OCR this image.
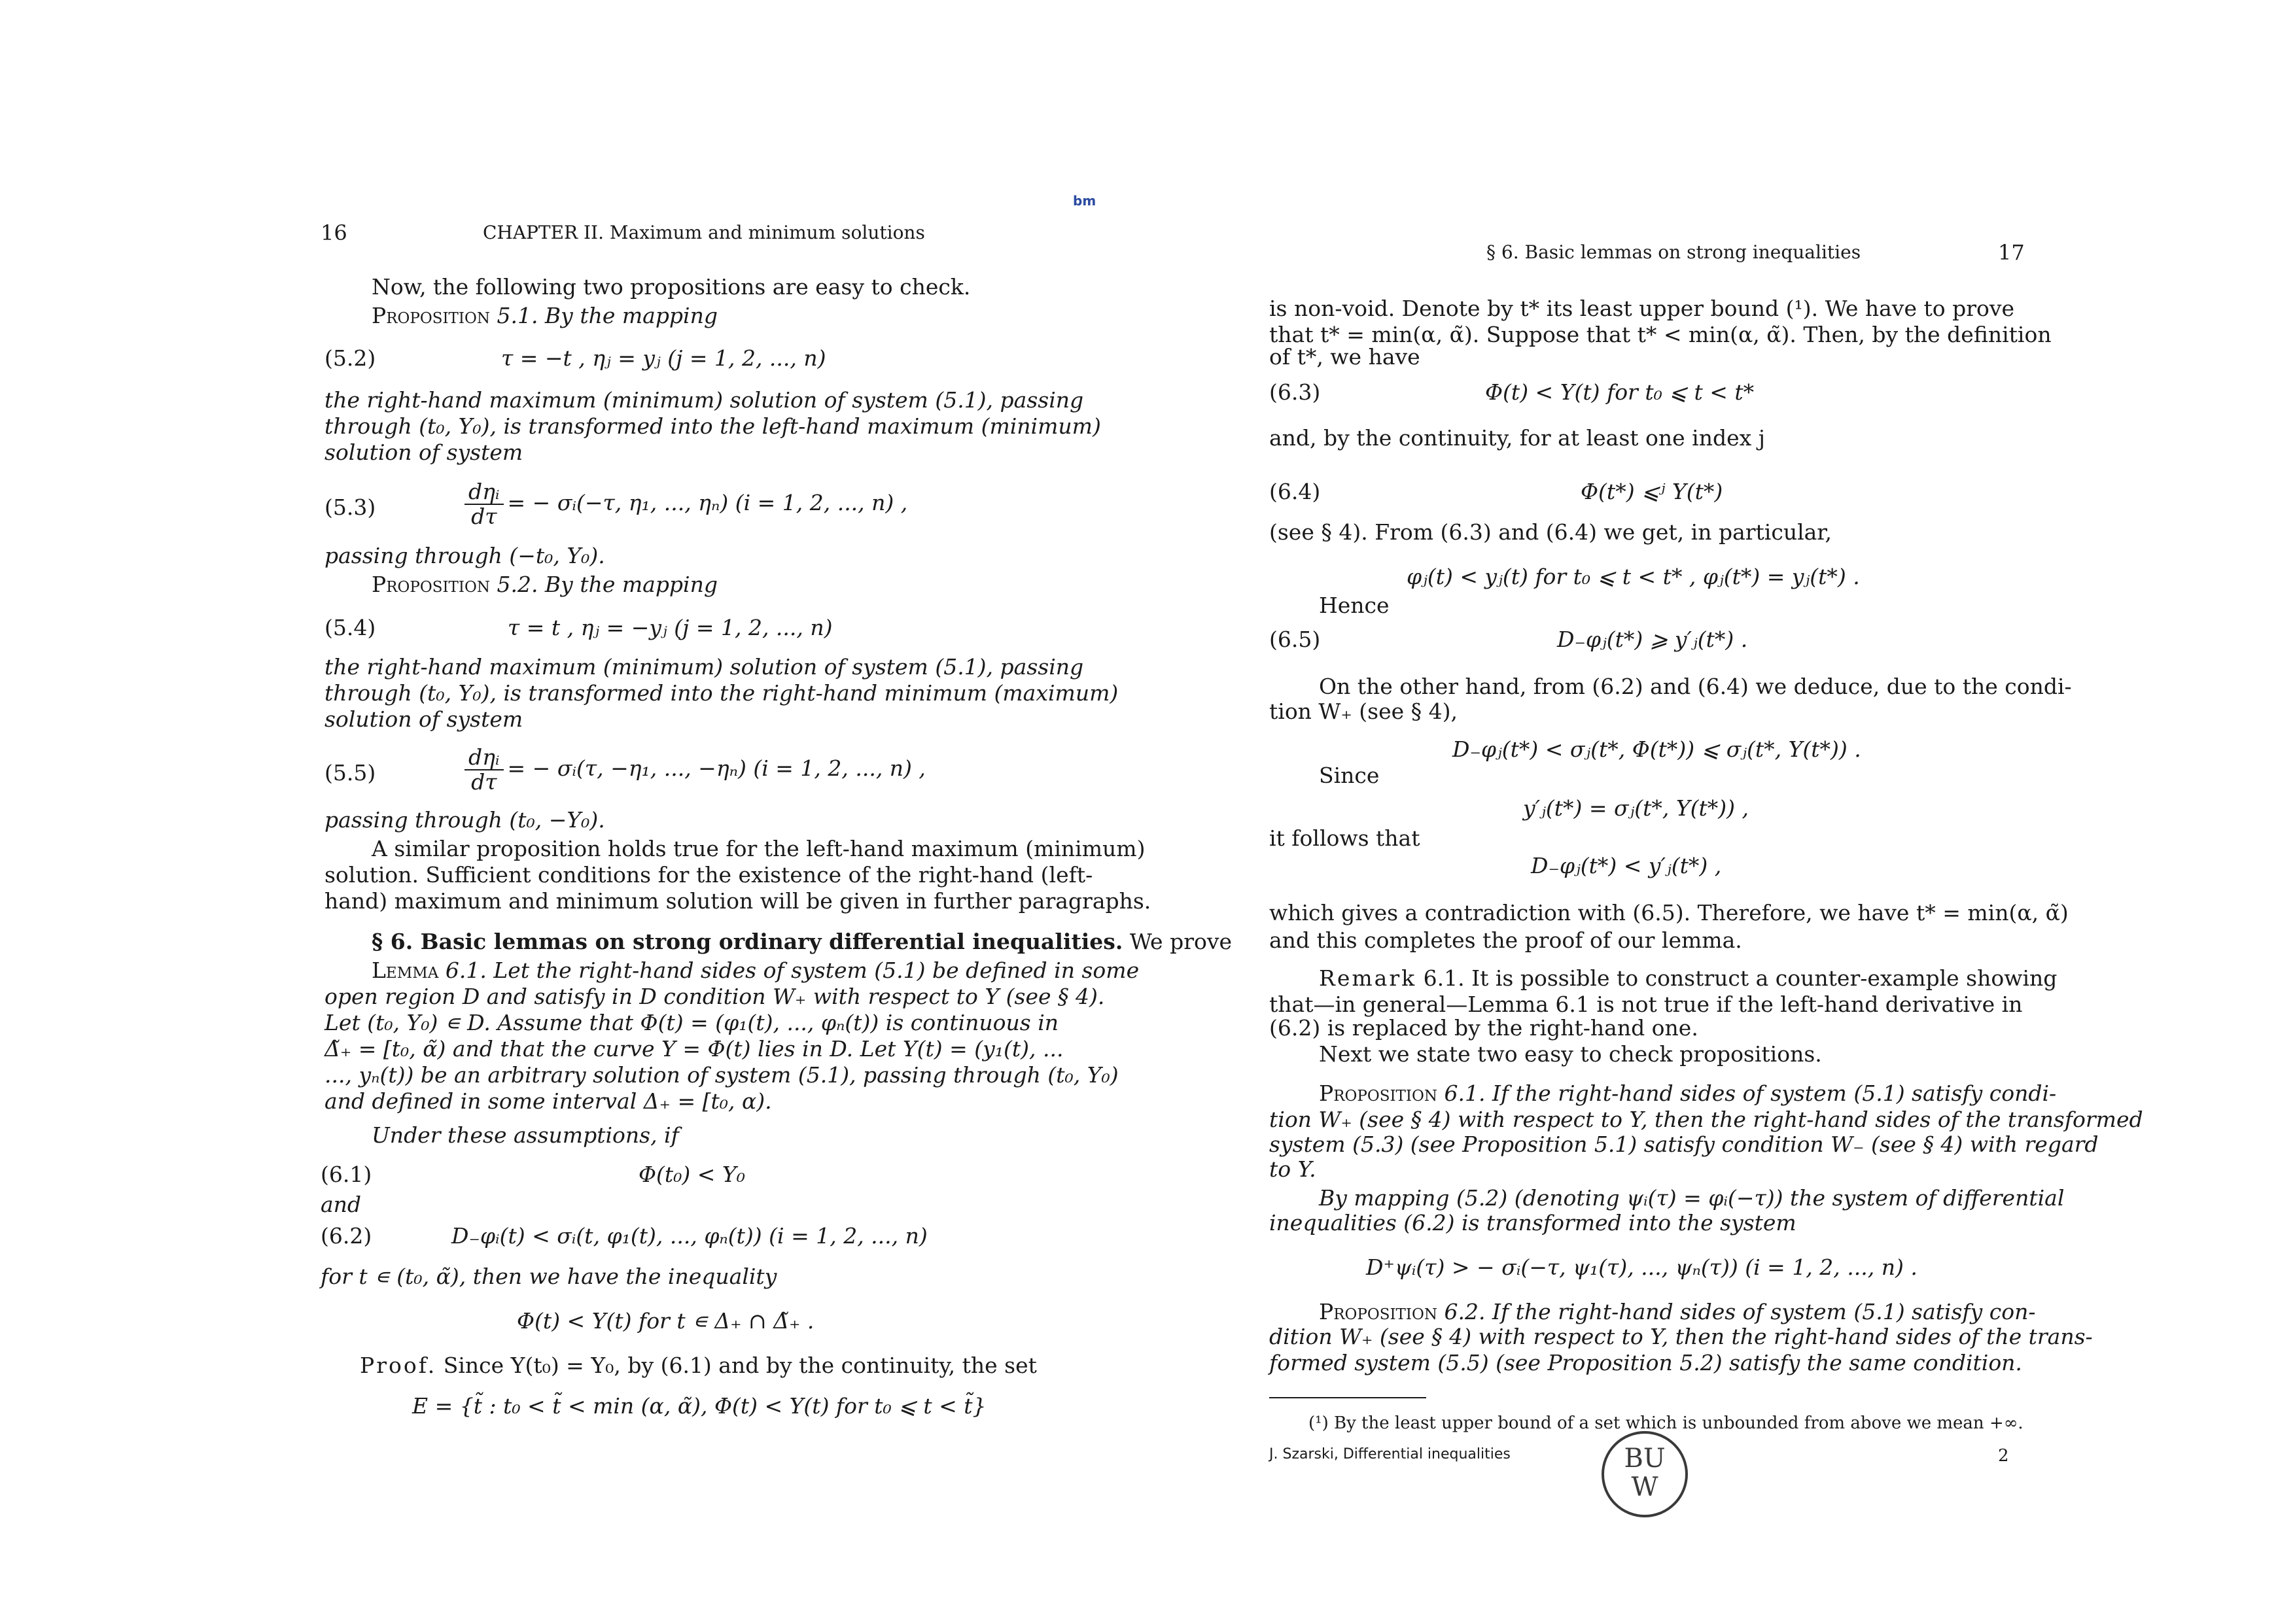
bm
16	CHAPTER II. Maximum and minimum solutions
Now, the following two propositions are easy to check.
Proposition 5.1. By the mapping
(5.2)	τ = −t , ηⱼ = yⱼ (j = 1, 2, ..., n)
the right-hand maximum (minimum) solution of system (5.1), passing
through (t₀, Y₀), is transformed into the left-hand maximum (minimum)
solution of system
(5.3)	$\frac{\text{dηᵢ}}{d\tau}$ = − σᵢ(−τ, η₁, ..., ηₙ) (i = 1, 2, ..., n) ,
passing through (−t₀, Y₀).
Proposition 5.2. By the mapping
(5.4)	τ = t , ηⱼ = −yⱼ (j = 1, 2, ..., n)
the right-hand maximum (minimum) solution of system (5.1), passing
through (t₀, Y₀), is transformed into the right-hand minimum (maximum)
solution of system
(5.5)	$\frac{\text{dηᵢ}}{d\tau}$ = − σᵢ(τ, −η₁, ..., −ηₙ) (i = 1, 2, ..., n) ,
passing through (t₀, −Y₀).
A similar proposition holds true for the left-hand maximum (minimum)
solution. Sufficient conditions for the existence of the right-hand (left-
hand) maximum and minimum solution will be given in further paragraphs.
§ 6. Basic lemmas on strong ordinary differential inequalities. We prove
Lemma 6.1. Let the right-hand sides of system (5.1) be defined in some
open region D and satisfy in D condition W₊ with respect to Y (see § 4).
Let (t₀, Y₀) ∊ D. Assume that Φ(t) = (φ₁(t), ..., φₙ(t)) is continuous in
Δ̃₊ = [t₀, α̃) and that the curve Y = Φ(t) lies in D. Let Y(t) = (y₁(t), ...
..., yₙ(t)) be an arbitrary solution of system (5.1), passing through (t₀, Y₀)
and defined in some interval Δ₊ = [t₀, α).
Under these assumptions, if
(6.1)	Φ(t₀) < Y₀
and
(6.2)	D₋φᵢ(t) < σᵢ(t, φ₁(t), ..., φₙ(t)) (i = 1, 2, ..., n)
for t ∊ (t₀, α̃), then we have the inequality
Φ(t) < Y(t) for t ∊ Δ₊ ∩ Δ̃₊ .
Proof. Since Y(t₀) = Y₀, by (6.1) and by the continuity, the set
E = {t̃ : t₀ < t̃ < min (α, α̃), Φ(t) < Y(t) for t₀ ⩽ t < t̃}
§ 6. Basic lemmas on strong inequalities	17
is non-void. Denote by t* its least upper bound (¹). We have to prove
that t* = min(α, α̃). Suppose that t* < min(α, α̃). Then, by the definition
of t*, we have
(6.3)	Φ(t) < Y(t) for t₀ ⩽ t < t*
and, by the continuity, for at least one index j
(6.4)	Φ(t*) ⩽ʲ Y(t*)
(see § 4). From (6.3) and (6.4) we get, in particular,
φⱼ(t) < yⱼ(t) for t₀ ⩽ t < t* , φⱼ(t*) = yⱼ(t*) .
Hence
(6.5)	D₋φⱼ(t*) ⩾ y′ⱼ(t*) .
On the other hand, from (6.2) and (6.4) we deduce, due to the condi-
tion W₊ (see § 4),
D₋φⱼ(t*) < σⱼ(t*, Φ(t*)) ⩽ σⱼ(t*, Y(t*)) .
Since
y′ⱼ(t*) = σⱼ(t*, Y(t*)) ,
it follows that
D₋φⱼ(t*) < y′ⱼ(t*) ,
which gives a contradiction with (6.5). Therefore, we have t* = min(α, α̃)
and this completes the proof of our lemma.
Remark 6.1. It is possible to construct a counter-example showing
that—in general—Lemma 6.1 is not true if the left-hand derivative in
(6.2) is replaced by the right-hand one.
Next we state two easy to check propositions.
Proposition 6.1. If the right-hand sides of system (5.1) satisfy condi-
tion W₊ (see § 4) with respect to Y, then the right-hand sides of the transformed
system (5.3) (see Proposition 5.1) satisfy condition W₋ (see § 4) with regard
to Y.
By mapping (5.2) (denoting ψᵢ(τ) = φᵢ(−τ)) the system of differential
inequalities (6.2) is transformed into the system
D⁺ψᵢ(τ) > − σᵢ(−τ, ψ₁(τ), ..., ψₙ(τ)) (i = 1, 2, ..., n) .
Proposition 6.2. If the right-hand sides of system (5.1) satisfy con-
dition W₊ (see § 4) with respect to Y, then the right-hand sides of the trans-
formed system (5.5) (see Proposition 5.2) satisfy the same condition.
(¹) By the least upper bound of a set which is unbounded from above we mean +∞.
J. Szarski, Differential inequalities	2
BU
W
